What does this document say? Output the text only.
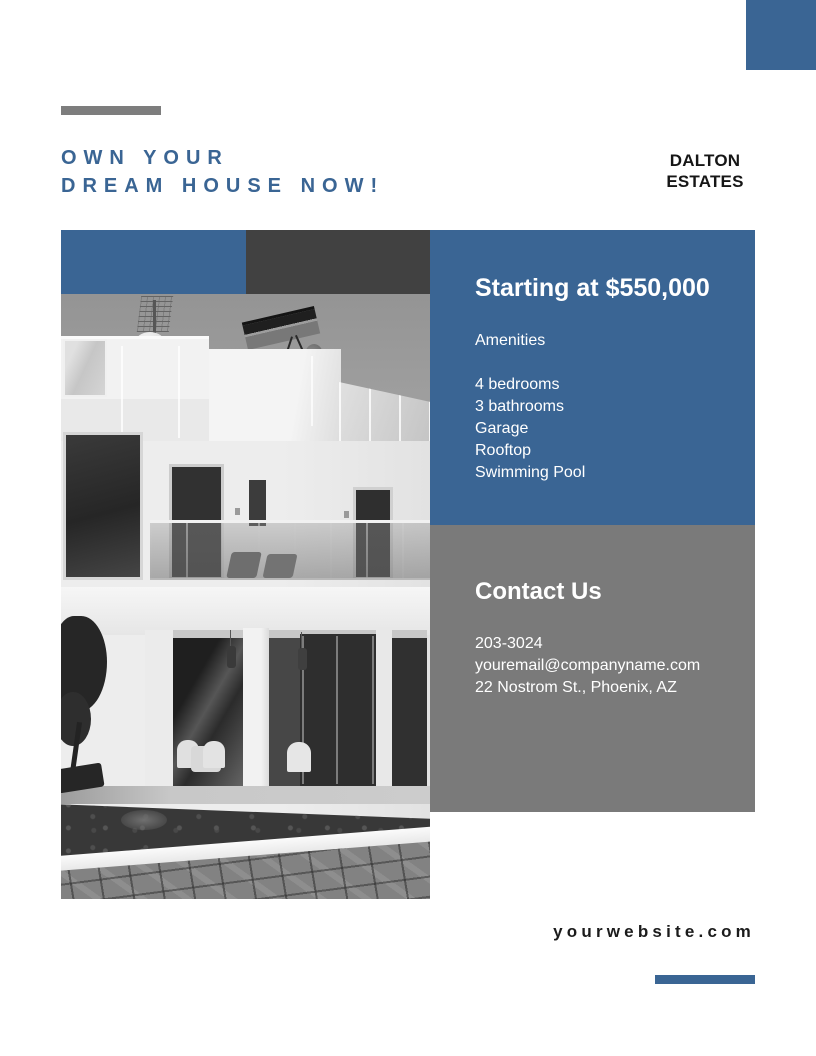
OWN YOUR
DREAM HOUSE NOW!
DALTON
ESTATES
Starting at $550,000
Amenities
4 bedrooms
3 bathrooms
Garage
Rooftop
Swimming Pool
Contact Us
203-3024
youremail@companyname.com
22 Nostrom St., Phoenix, AZ
yourwebsite.com
